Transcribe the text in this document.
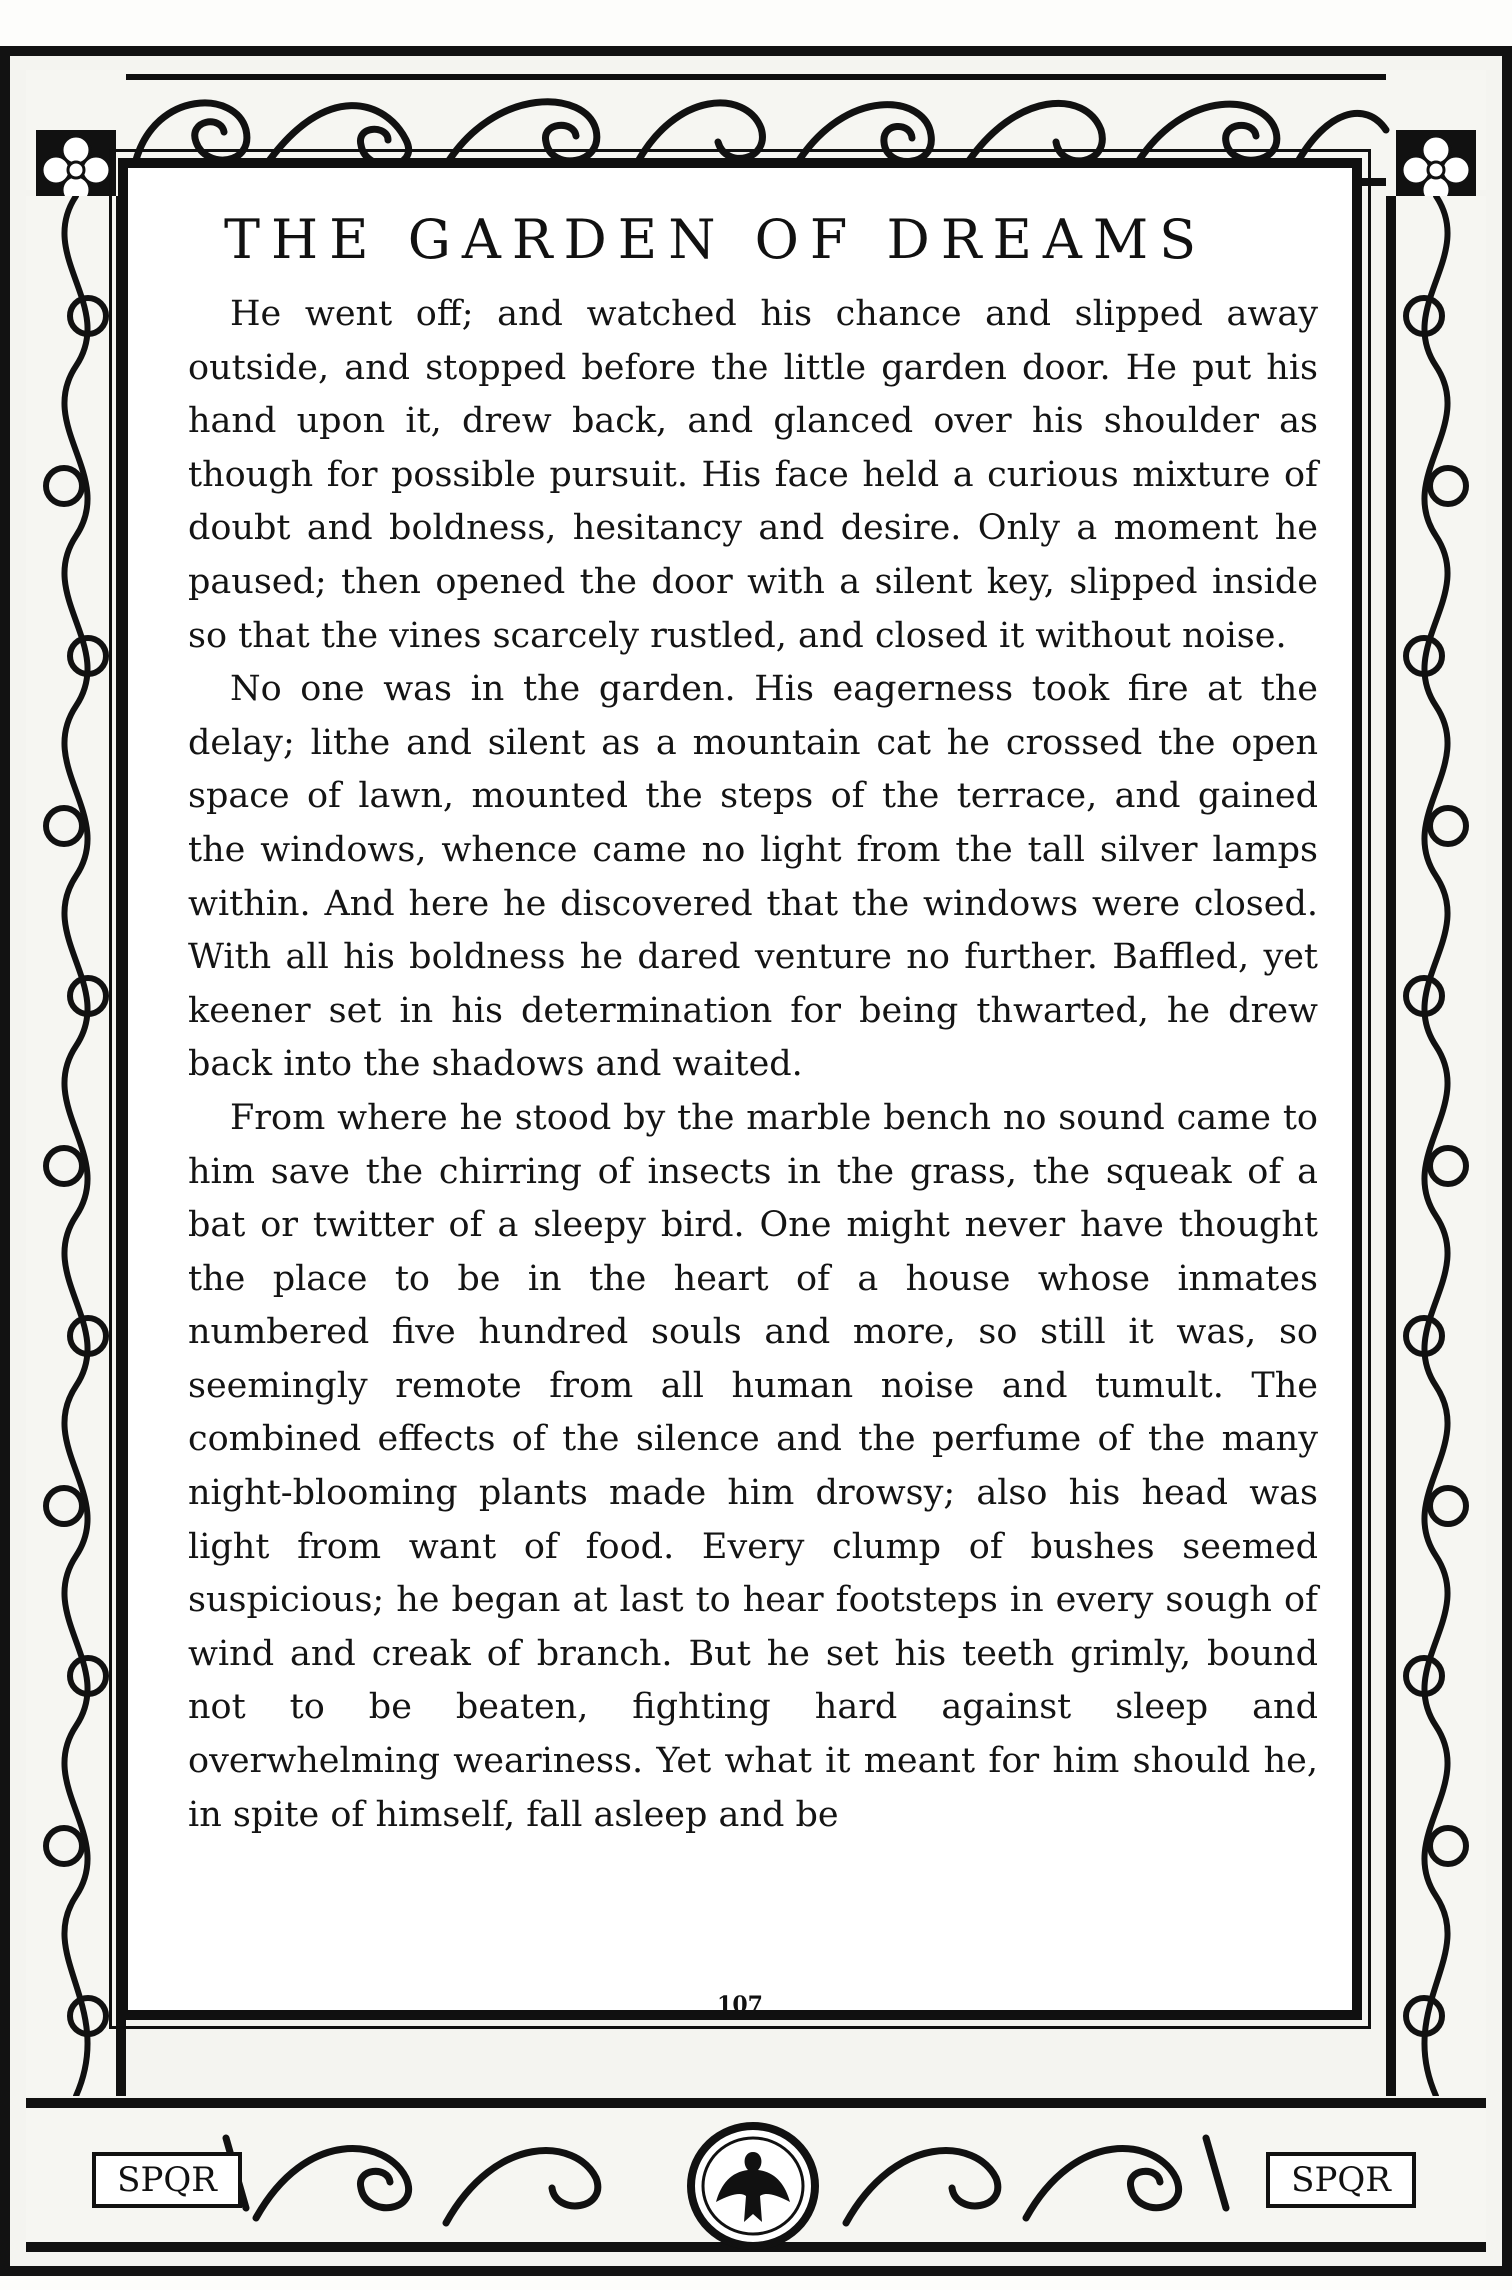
SPQR	SPQR
THE GARDEN OF DREAMS

He went off; and watched his chance and slipped away outside, and stopped before the little garden door. He put his hand upon it, drew back, and glanced over his shoulder as though for possible pursuit. His face held a curious mixture of doubt and boldness, hesitancy and desire. Only a moment he paused; then opened the door with a silent key, slipped inside so that the vines scarcely rustled, and closed it without noise.

No one was in the garden. His eagerness took fire at the delay; lithe and silent as a mountain cat he crossed the open space of lawn, mounted the steps of the terrace, and gained the windows, whence came no light from the tall silver lamps within. And here he discovered that the windows were closed. With all his boldness he dared venture no further. Baffled, yet keener set in his determination for being thwarted, he drew back into the shadows and waited.

From where he stood by the marble bench no sound came to him save the chirring of insects in the grass, the squeak of a bat or twitter of a sleepy bird. One might never have thought the place to be in the heart of a house whose inmates numbered five hundred souls and more, so still it was, so seemingly remote from all human noise and tumult. The combined effects of the silence and the perfume of the many night-blooming plants made him drowsy; also his head was light from want of food. Every clump of bushes seemed suspicious; he began at last to hear footsteps in every sough of wind and creak of branch. But he set his teeth grimly, bound not to be beaten, fighting hard against sleep and overwhelming weariness. Yet what it meant for him should he, in spite of himself, fall asleep and be

107
